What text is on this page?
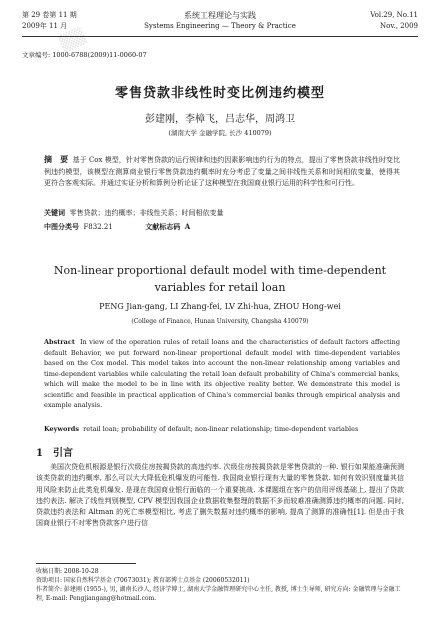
▒▒
第 29 卷第 11 期
2009年 11 月
系统工程理论与实践
Systems Engineering — Theory & Practice
Vol.29, No.11
Nov., 2009
文章编号: 1000-6788(2009)11-0060-07
零售贷款非线性时变比例违约模型
彭建刚，李樟飞，吕志华，周鸿卫
(湖南大学 金融学院, 长沙 410079)
摘　要 基于 Cox 模型，针对零售贷款的运行规律和违约因素影响违约行为的特点，提出了零售贷款非线性时变比例违约模型，该模型在测算商业银行零售贷款违约概率时充分考虑了变量之间非线性关系和时间相依变量，使得其更符合客观实际。并通过实证分析和算例分析论证了这种模型在我国商业银行运用的科学性和可行性。
关键词 零售贷款；违约概率；非线性关系；时间相依变量
中图分类号 F832.21	文献标志码 A
Non-linear proportional default model with time-dependent
variables for retail loan
PENG Jian-gang, LI Zhang-fei, LV Zhi-hua, ZHOU Hong-wei
(College of Finance, Hunan University, Changsha 410079)
Abstract In view of the operation rules of retail loans and the characteristics of default factors affecting default Behavior, we put forward non-linear proportional default model with time-dependent variables based on the Cox model. This model takes into account the non-linear relationship among variables and time-dependent variables while calculating the retail loan default probability of China's commercial banks, which will make the model to be in line with its objective reality better. We demonstrate this model is scientific and feasible in practical application of China's commercial banks through empirical analysis and example analysis.
Keywords retail loan; probability of default; non-linear relationship; time-dependent variables
1　引言
美国次贷危机根源是银行次级住房按揭贷款的高违约率. 次级住房按揭贷款是零售贷款的一种. 银行如果能准确预测该类贷款的违约概率, 那么可以大大降低危机爆发的可能性. 我国商业银行现有大量的零售贷款. 如何有效识别度量其信用风险来防止此类危机爆发. 是现在我国商业银行面临的一个重要挑战. 本课题组在客户的信用评级基础上, 提出了贷款违约表法. 解决了线性判别模型, CPV 模型因我国企业数据收集整理的数据不多而较难准确测算违约概率的问题. 同时, 贷款违约表法和 Altman 的死亡率模型相比, 考虑了删失数据对违约概率的影响, 提高了测算的准确性[1]. 但是由于我国商业银行不对零售贷款客户进行信
收稿日期: 2008-10-28
资助项目: 国家自然科学基金 (70673031); 教育部博士点基金 (20060532011)
作者简介: 彭建刚 (1955-), 男, 湖南长沙人, 经济学博士, 湖南大学金融管理研究中心主任, 教授, 博士生导师, 研究方向: 金融管理与金融工程, E-mail: Pengjiangang@hotmail.com.
